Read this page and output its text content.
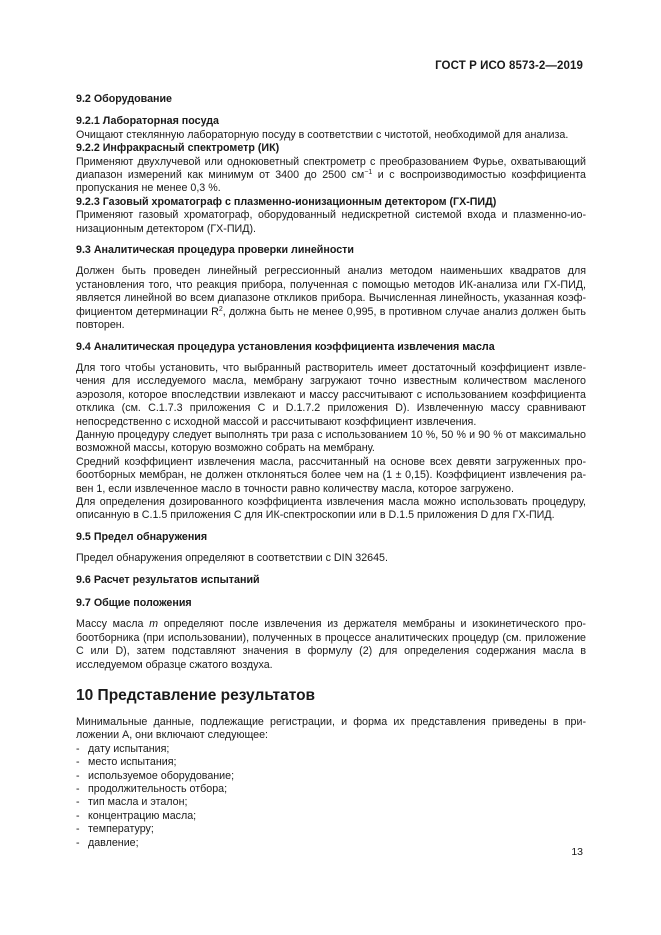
ГОСТ Р ИСО 8573-2—2019
9.2 Оборудование
9.2.1 Лабораторная посуда

Очищают стеклянную лабораторную посуду в соответствии с чистотой, необходимой для анализа.

9.2.2 Инфракрасный спектрометр (ИК)

Применяют двухлучевой или однокюветный спектрометр с преобразованием Фурье, охватывающий диапазон измерений как минимум от 3400 до 2500 $см^{-1}$ и с воспроизводимостью коэффициента пропускания не менее 0,3 %.

9.2.3 Газовый хроматограф с плазменно-ионизационным детектором (ГХ-ПИД)

Применяют газовый хроматограф, оборудованный недискретной системой входа и плазменно-ионизационным детектором (ГХ-ПИД).

9.3 Аналитическая процедура проверки линейности

Должен быть проведен линейный регрессионный анализ методом наименьших квадратов для установления того, что реакция прибора, полученная с помощью методов ИК-анализа или ГХ-ПИД, является линейной во всем диапазоне откликов прибора. Вычисленная линейность, указанная коэффициентом детерминации $R^2$, должна быть не менее 0,995, в противном случае анализ должен быть повторен.

9.4 Аналитическая процедура установления коэффициента извлечения масла

Для того чтобы установить, что выбранный растворитель имеет достаточный коэффициент извлечения для исследуемого масла, мембрану загружают точно известным количеством масленого аэрозоля, которое впоследствии извлекают и массу рассчитывают с использованием коэффициента отклика (см. С.1.7.3 приложения С и D.1.7.2 приложения D). Извлеченную массу сравнивают непосредственно с исходной массой и рассчитывают коэффициент извлечения.

Данную процедуру следует выполнять три раза с использованием 10 %, 50 % и 90 % от максимально возможной массы, которую возможно собрать на мембрану.

Средний коэффициент извлечения масла, рассчитанный на основе всех девяти загруженных пробоотборных мембран, не должен отклоняться более чем на (1 ± 0,15). Коэффициент извлечения равен 1, если извлеченное масло в точности равно количеству масла, которое загружено.

Для определения дозированного коэффициента извлечения масла можно использовать процедуру, описанную в С.1.5 приложения С для ИК-спектроскопии или в D.1.5 приложения D для ГХ-ПИД.

9.5 Предел обнаружения

Предел обнаружения определяют в соответствии с DIN 32645.

9.6 Расчет результатов испытаний
9.7 Общие положения

Массу масла m определяют после извлечения из держателя мембраны и изокинетического пробоотборника (при использовании), полученных в процессе аналитических процедур (см. приложение С или D), затем подставляют значения в формулу (2) для определения содержания масла в исследуемом образце сжатого воздуха.

10 Представление результатов

Минимальные данные, подлежащие регистрации, и форма их представления приведены в приложении А, они включают следующее:

- дату испытания;
- место испытания;
- используемое оборудование;
- продолжительность отбора;
- тип масла и эталон;
- концентрацию масла;
- температуру;
- давление;
13
